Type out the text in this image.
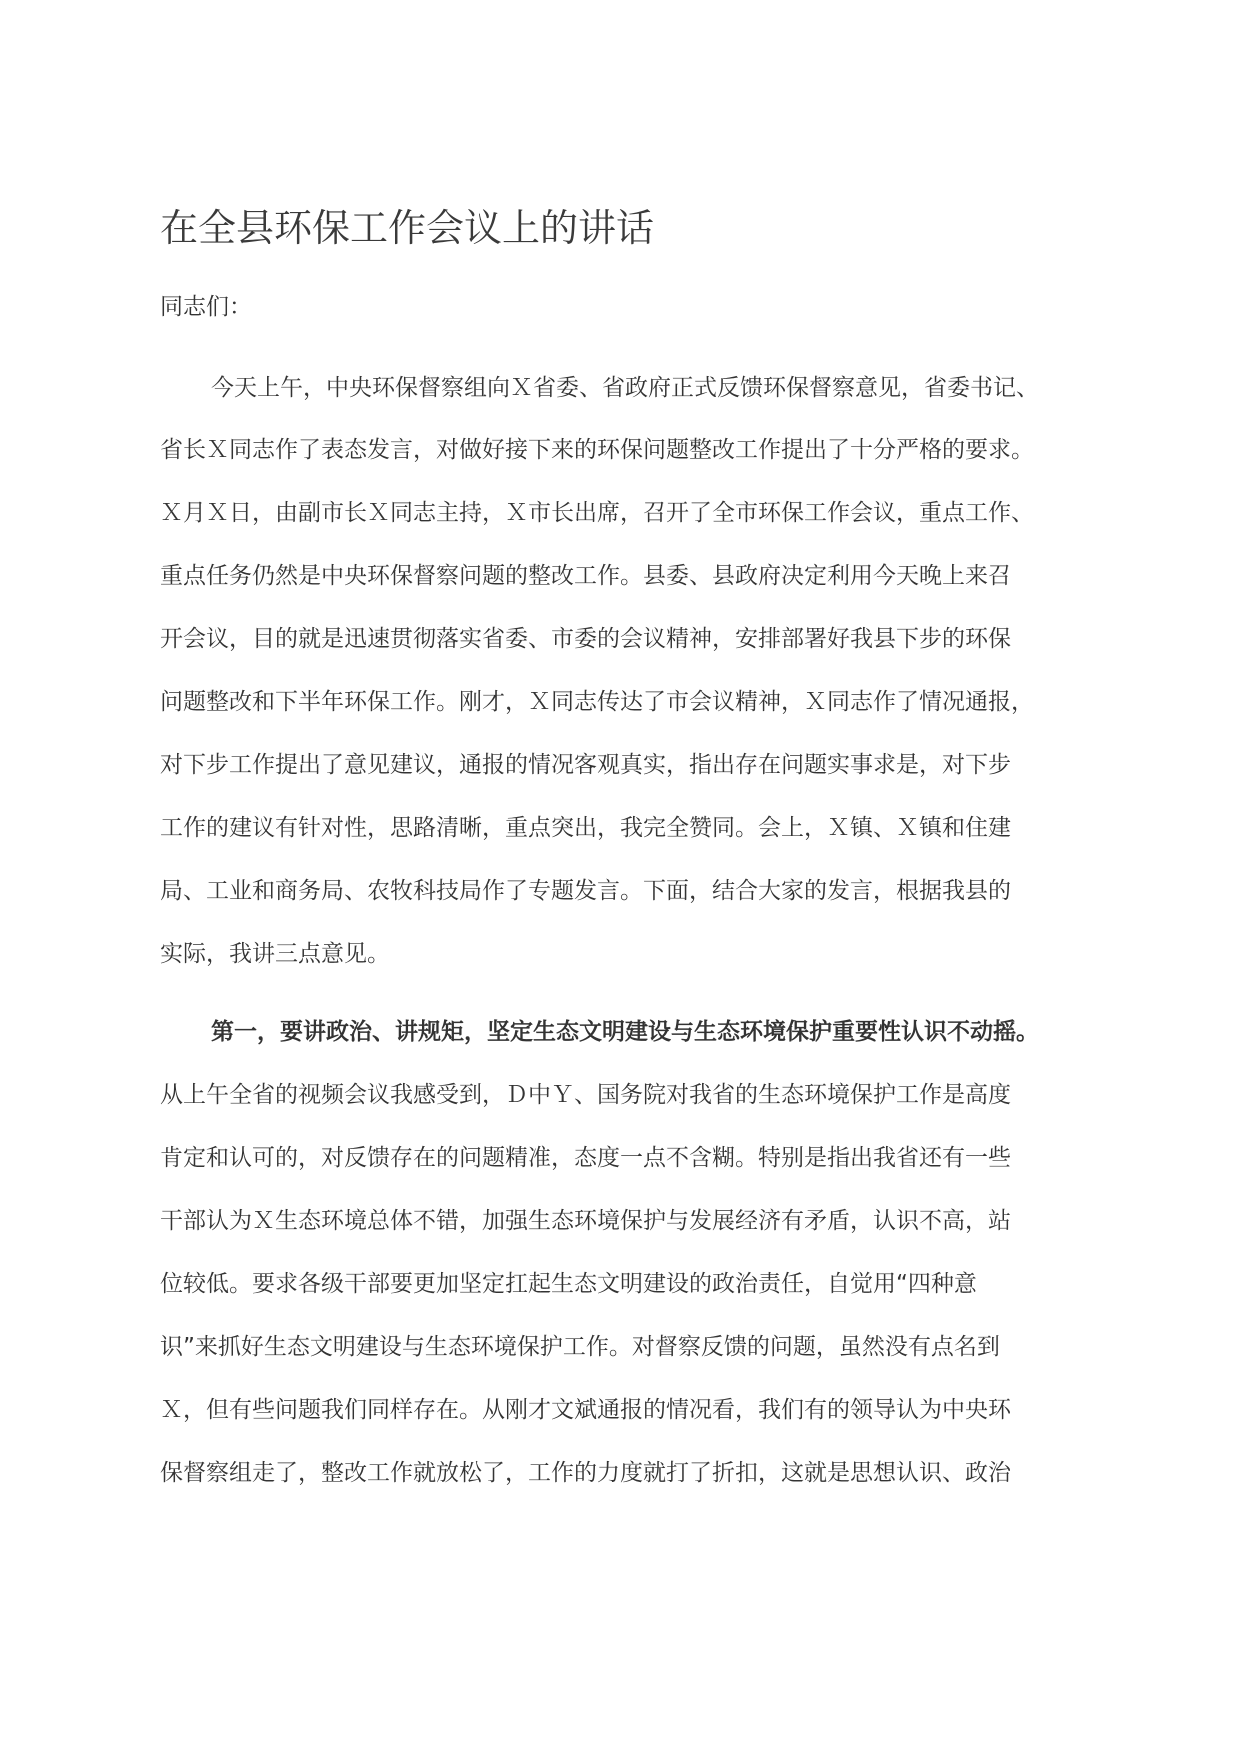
在全县环保工作会议上的讲话
同志们：
今天上午，中央环保督察组向Ｘ省委、省政府正式反馈环保督察意见，省委书记、
省长Ｘ同志作了表态发言，对做好接下来的环保问题整改工作提出了十分严格的要求。
Ｘ月Ｘ日，由副市长Ｘ同志主持，Ｘ市长出席，召开了全市环保工作会议，重点工作、
重点任务仍然是中央环保督察问题的整改工作。县委、县政府决定利用今天晚上来召
开会议，目的就是迅速贯彻落实省委、市委的会议精神，安排部署好我县下步的环保
问题整改和下半年环保工作。刚才，Ｘ同志传达了市会议精神，Ｘ同志作了情况通报，
对下步工作提出了意见建议，通报的情况客观真实，指出存在问题实事求是，对下步
工作的建议有针对性，思路清晰，重点突出，我完全赞同。会上，Ｘ镇、Ｘ镇和住建
局、工业和商务局、农牧科技局作了专题发言。下面，结合大家的发言，根据我县的
实际，我讲三点意见。
第一，要讲政治、讲规矩，坚定生态文明建设与生态环境保护重要性认识不动摇。
从上午全省的视频会议我感受到，Ｄ中Ｙ、国务院对我省的生态环境保护工作是高度
肯定和认可的，对反馈存在的问题精准，态度一点不含糊。特别是指出我省还有一些
干部认为Ｘ生态环境总体不错，加强生态环境保护与发展经济有矛盾，认识不高，站
位较低。要求各级干部要更加坚定扛起生态文明建设的政治责任，自觉用“四种意
识”来抓好生态文明建设与生态环境保护工作。对督察反馈的问题，虽然没有点名到
Ｘ，但有些问题我们同样存在。从刚才文斌通报的情况看，我们有的领导认为中央环
保督察组走了，整改工作就放松了，工作的力度就打了折扣，这就是思想认识、政治
